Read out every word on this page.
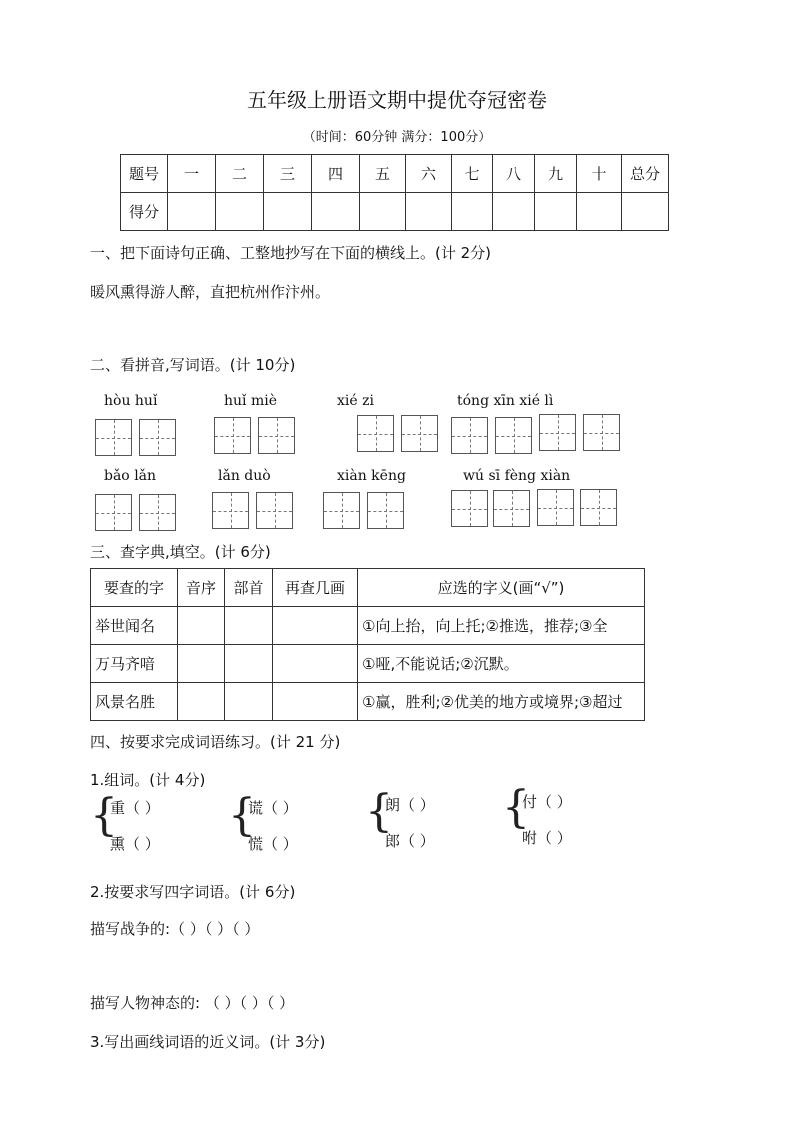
五年级上册语文期中提优夺冠密卷
（时间：60分钟 满分：100分）
题号	一	二	三	四	五	六	七	八	九	十	总分
得分											
一、把下面诗句正确、工整地抄写在下面的横线上。(计 2分)
暖风熏得游人醉，直把杭州作汴州。
二、看拼音,写词语。(计 10分)
hòu huǐ	huǐ miè	xié zi	tóng xīn xié lì
bǎo lǎn	lǎn duò	xiàn kēng	wú sī fèng xiàn
三、查字典,填空。(计 6分)
要查的字	音序	部首	再查几画	应选的字义(画“√”)
举世闻名				①向上抬，向上托;②推选，推荐;③全
万马齐喑				①哑,不能说话;②沉默。
风景名胜				①赢，胜利;②优美的地方或境界;③超过
四、按要求完成词语练习。(计 21 分)
1.组词。(计 4分)
{
重（ ）
熏（ ）
{
谎（ ）
慌（ ）
{
朗（ ）
郎（ ）
{
付（ ）
咐（ ）
2.按要求写四字词语。(计 6分)
描写战争的:（ ）（ ）（ ）
描写人物神态的: （ ）（ ）（ ）
3.写出画线词语的近义词。(计 3分)
